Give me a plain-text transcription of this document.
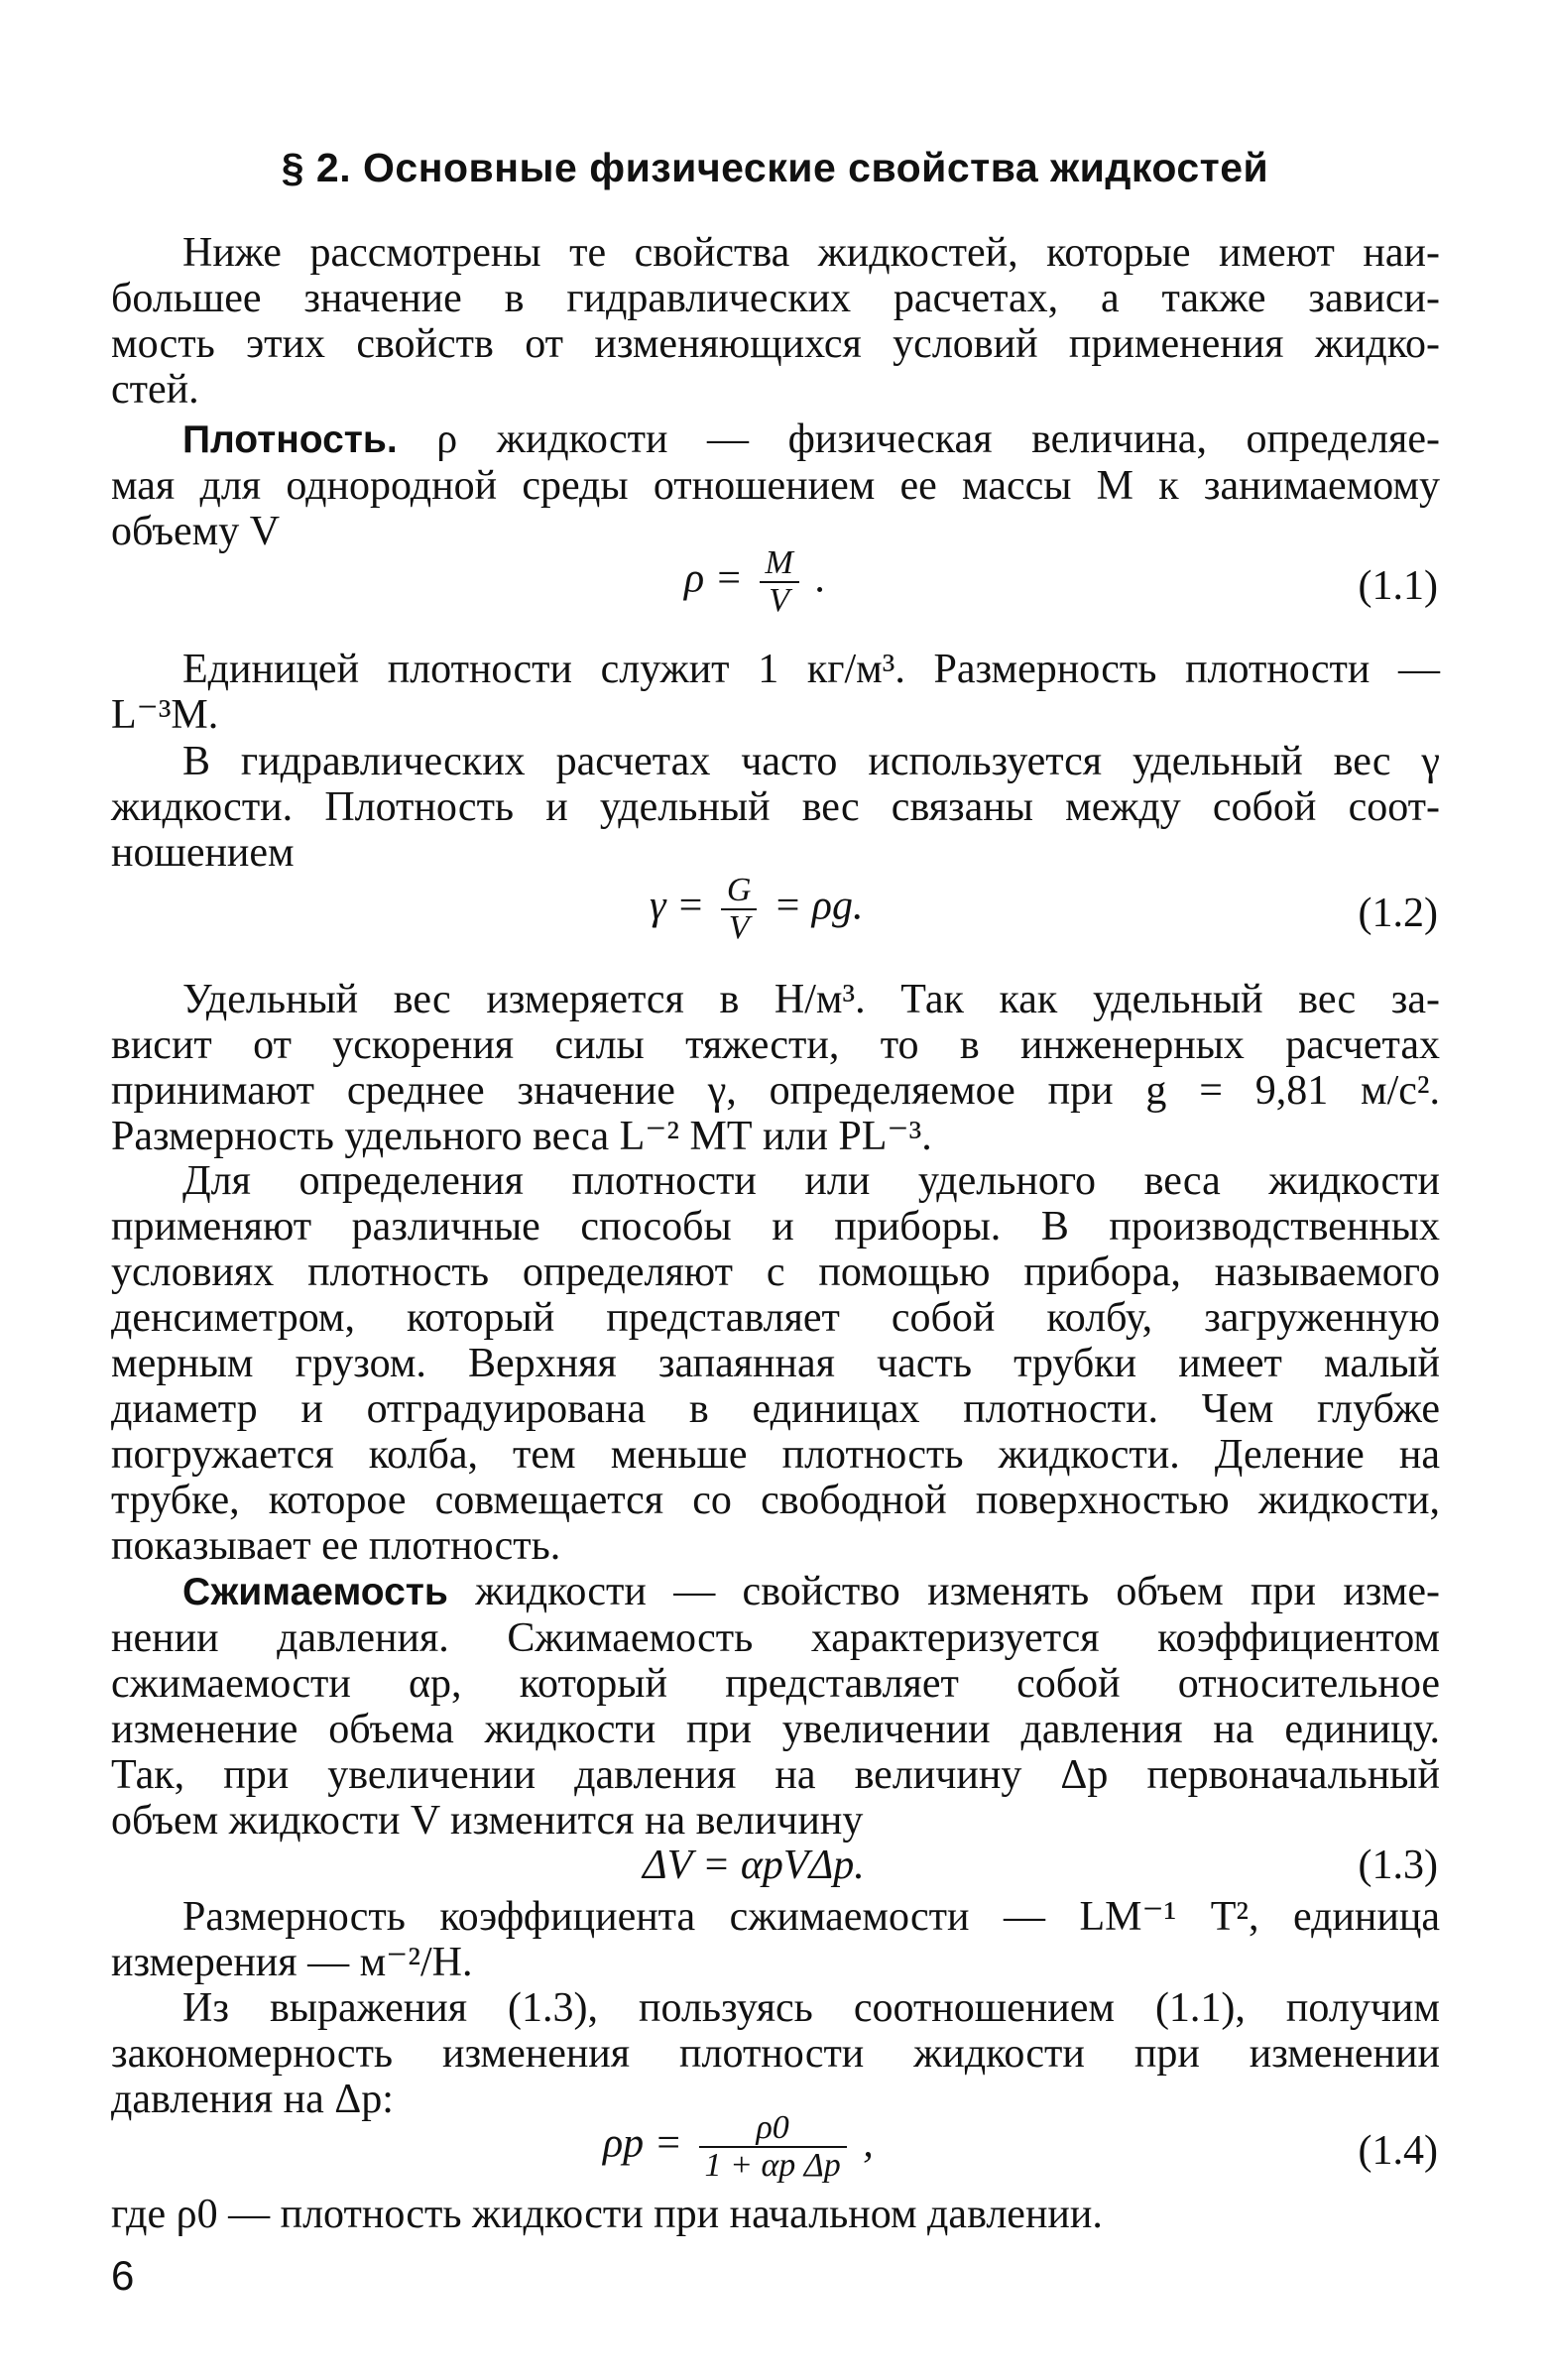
§ 2. Основные физические свойства жидкостей
Ниже рассмотрены те свойства жидкостей, которые имеют наи-
большее значение в гидравлических расчетах, а также зависи-
мость этих свойств от изменяющихся условий применения жидко-
стей.
Плотность. ρ жидкости — физическая величина, определяе-
мая для однородной среды отношением ее массы M к занимаемому
объему V
$\rho = \frac{M}{V}$ .	(1.1)
Единицей плотности служит 1 кг/м³. Размерность плотности —
L⁻³M.
В гидравлических расчетах часто используется удельный вес γ
жидкости. Плотность и удельный вес связаны между собой соот-
ношением
$\gamma = \frac{G}{V} = \rho g$.	(1.2)
Удельный вес измеряется в Н/м³. Так как удельный вес за-
висит от ускорения силы тяжести, то в инженерных расчетах
принимают среднее значение γ, определяемое при g = 9,81 м/с².
Размерность удельного веса L⁻² МТ или PL⁻³.
Для определения плотности или удельного веса жидкости
применяют различные способы и приборы. В производственных
условиях плотность определяют с помощью прибора, называемого
денсиметром, который представляет собой колбу, загруженную
мерным грузом. Верхняя запаянная часть трубки имеет малый
диаметр и отградуирована в единицах плотности. Чем глубже
погружается колба, тем меньше плотность жидкости. Деление на
трубке, которое совмещается со свободной поверхностью жидкости,
показывает ее плотность.
Сжимаемость жидкости — свойство изменять объем при изме-
нении давления. Сжимаемость характеризуется коэффициентом
сжимаемости αp, который представляет собой относительное
изменение объема жидкости при увеличении давления на единицу.
Так, при увеличении давления на величину Δp первоначальный
объем жидкости V изменится на величину
ΔV = αpVΔp.	(1.3)
Размерность коэффициента сжимаемости — LM⁻¹ Т², единица
измерения — м⁻²/Н.
Из выражения (1.3), пользуясь соотношением (1.1), получим
закономерность изменения плотности жидкости при изменении
давления на Δp:
$\rho p = \frac{\rho 0}{\text{1 + αp Δp}}$ ,	(1.4)
где ρ0 — плотность жидкости при начальном давлении.
6
